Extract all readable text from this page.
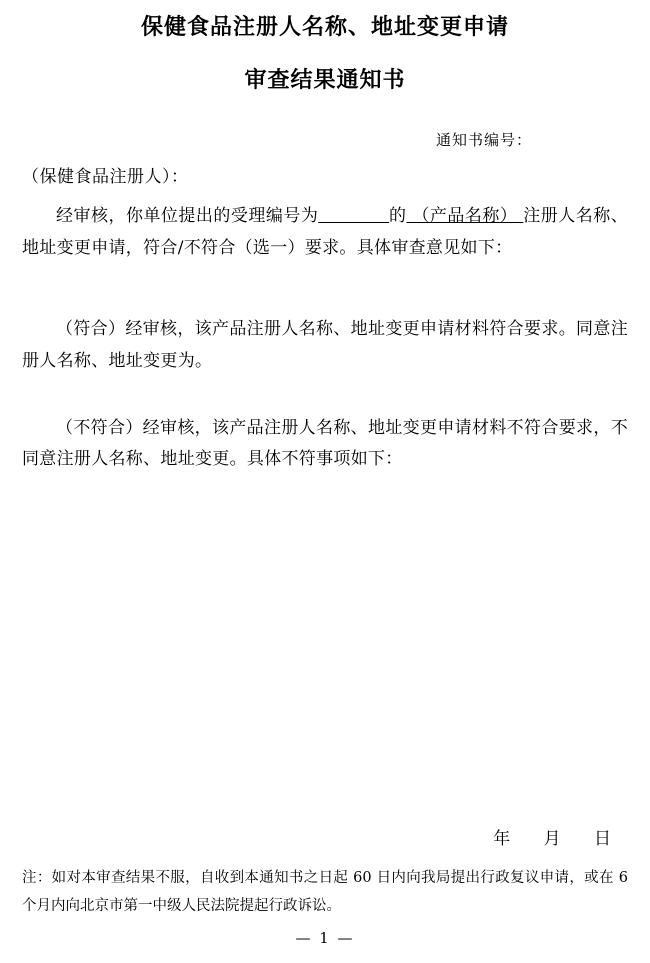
保健食品注册人名称、地址变更申请
审查结果通知书
通知书编号：
（保健食品注册人）：

经审核，你单位提出的受理编号为	的 （产品名称） 注册人名称、地址变更申请，符合/不符合（选一）要求。具体审查意见如下：

（符合）经审核，该产品注册人名称、地址变更申请材料符合要求。同意注册人名称、地址变更为。

（不符合）经审核，该产品注册人名称、地址变更申请材料不符合要求，不同意注册人名称、地址变更。具体不符事项如下：

年 月 日
注：如对本审查结果不服，自收到本通知书之日起 60 日内向我局提出行政复议申请，或在 6 个月内向北京市第一中级人民法院提起行政诉讼。
— 1 —
